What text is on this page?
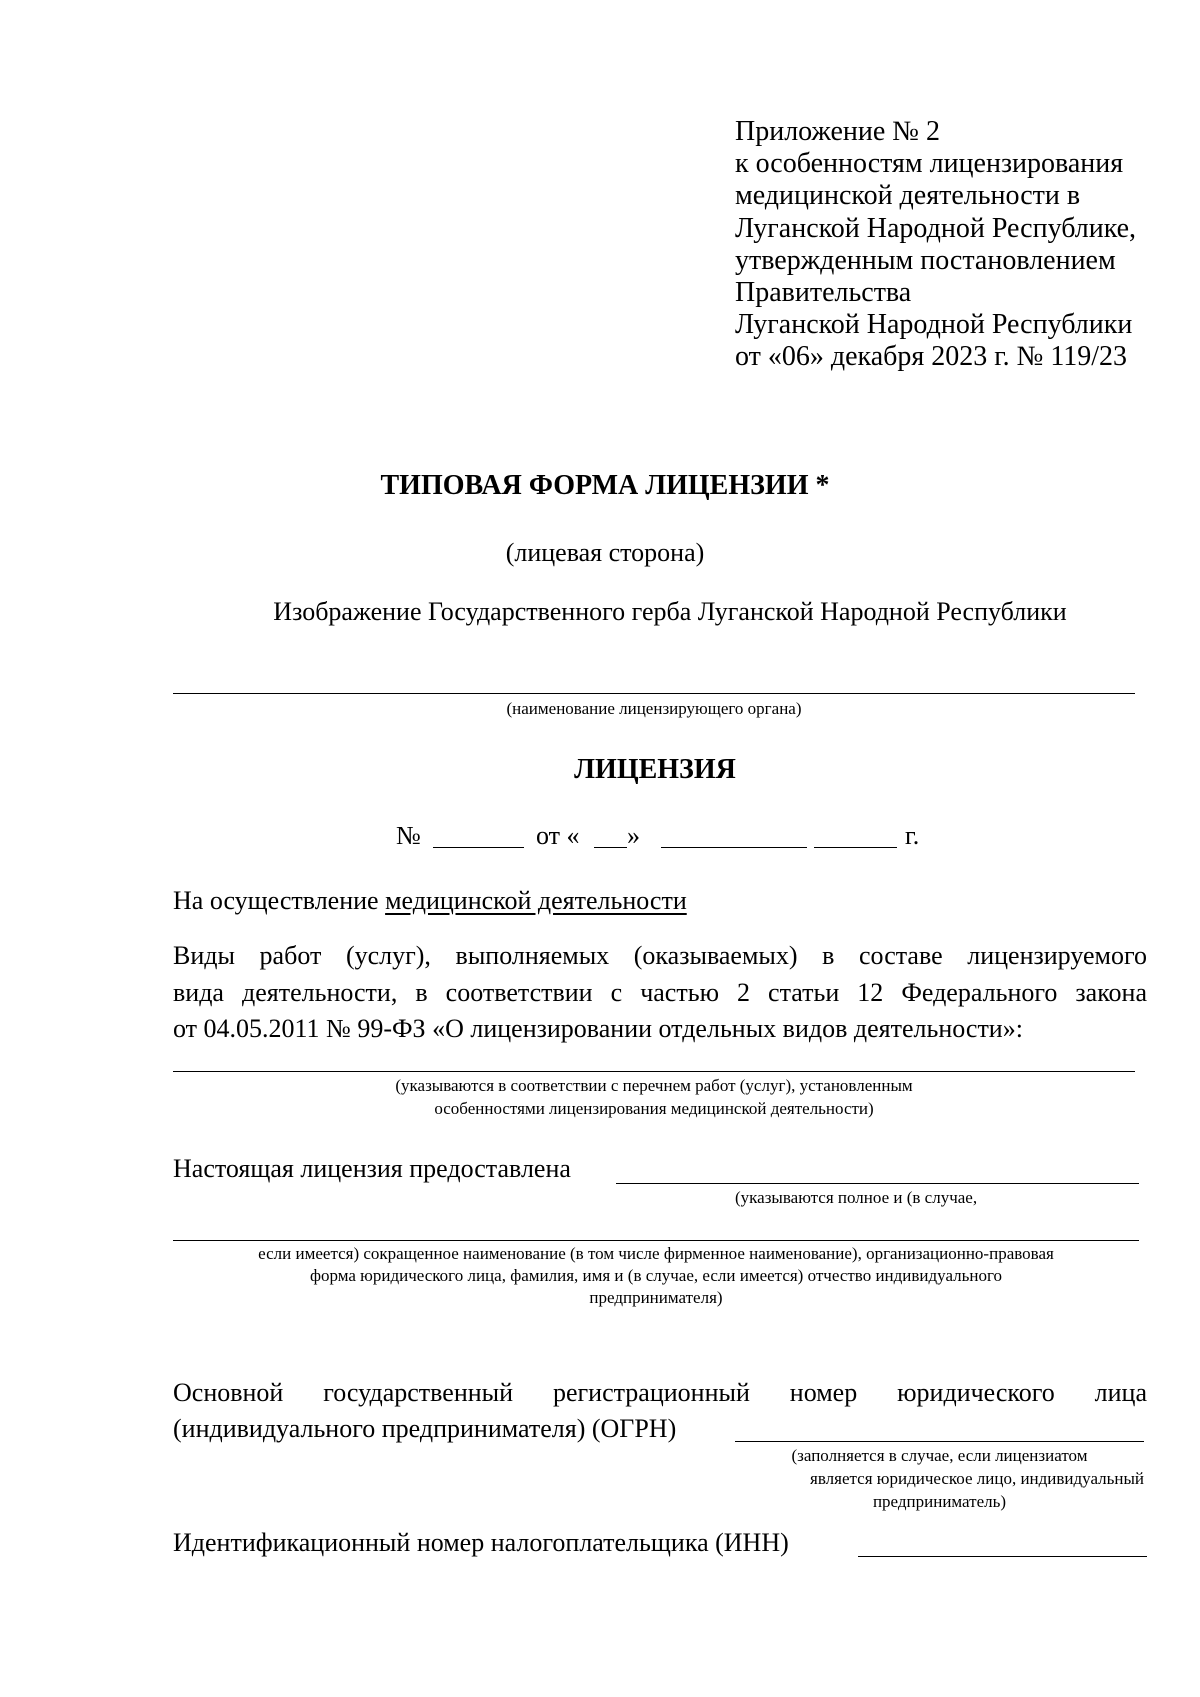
Приложение № 2
к особенностям лицензирования
медицинской деятельности в
Луганской Народной Республике,
утвержденным постановлением
Правительства
Луганской Народной Республики
от «06» декабря 2023 г. № 119/23
ТИПОВАЯ ФОРМА ЛИЦЕНЗИИ *
(лицевая сторона)
Изображение Государственного герба Луганской Народной Республики
(наименование лицензирующего органа)
ЛИЦЕНЗИЯ
№	от « »	г.
На осуществление медицинской деятельности
Виды работ (услуг), выполняемых (оказываемых) в составе лицензируемого
вида деятельности, в соответствии с частью 2 статьи 12 Федерального закона
от 04.05.2011 № 99-ФЗ «О лицензировании отдельных видов деятельности»:
(указываются в соответствии с перечнем работ (услуг), установленным
особенностями лицензирования медицинской деятельности)
Настоящая лицензия предоставлена
(указываются полное и (в случае,
если имеется) сокращенное наименование (в том числе фирменное наименование), организационно-правовая
форма юридического лица, фамилия, имя и (в случае, если имеется) отчество индивидуального
предпринимателя)
Основной государственный регистрационный номер юридического лица
(индивидуального предпринимателя) (ОГРН)
(заполняется в случае, если лицензиатом
является юридическое лицо, индивидуальный
предприниматель)
Идентификационный номер налогоплательщика (ИНН)
